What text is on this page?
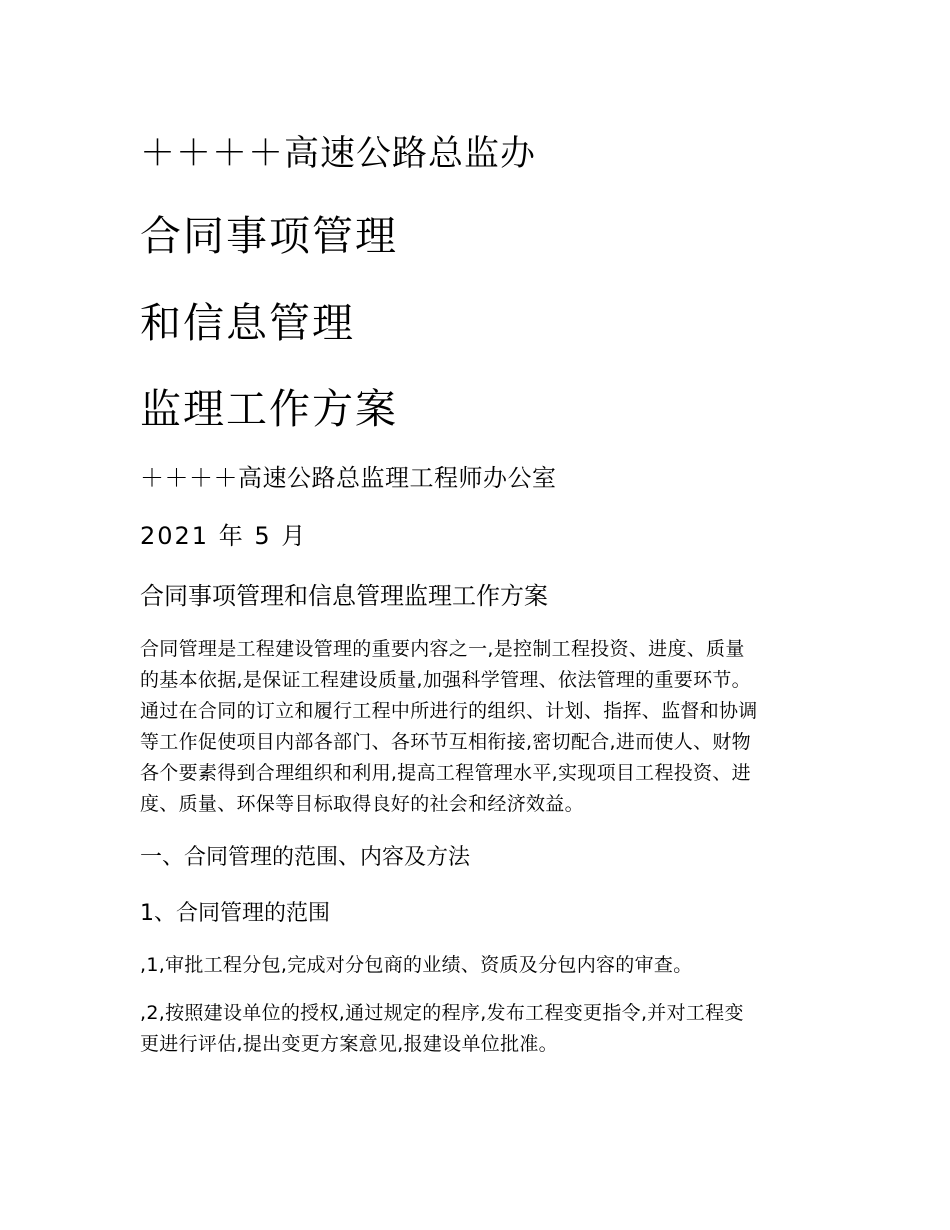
＋＋＋＋高速公路总监办
合同事项管理
和信息管理
监理工作方案
＋＋＋＋高速公路总监理工程师办公室
2021 年 5 月
合同事项管理和信息管理监理工作方案

合同管理是工程建设管理的重要内容之一,是控制工程投资、进度、质量
的基本依据,是保证工程建设质量,加强科学管理、依法管理的重要环节。
通过在合同的订立和履行工程中所进行的组织、计划、指挥、监督和协调
等工作促使项目内部各部门、各环节互相衔接,密切配合,进而使人、财物
各个要素得到合理组织和利用,提高工程管理水平,实现项目工程投资、进
度、质量、环保等目标取得良好的社会和经济效益。

一、合同管理的范围、内容及方法
1、合同管理的范围

,1,审批工程分包,完成对分包商的业绩、资质及分包内容的审查。

,2,按照建设单位的授权,通过规定的程序,发布工程变更指令,并对工程变
更进行评估,提出变更方案意见,报建设单位批准。
